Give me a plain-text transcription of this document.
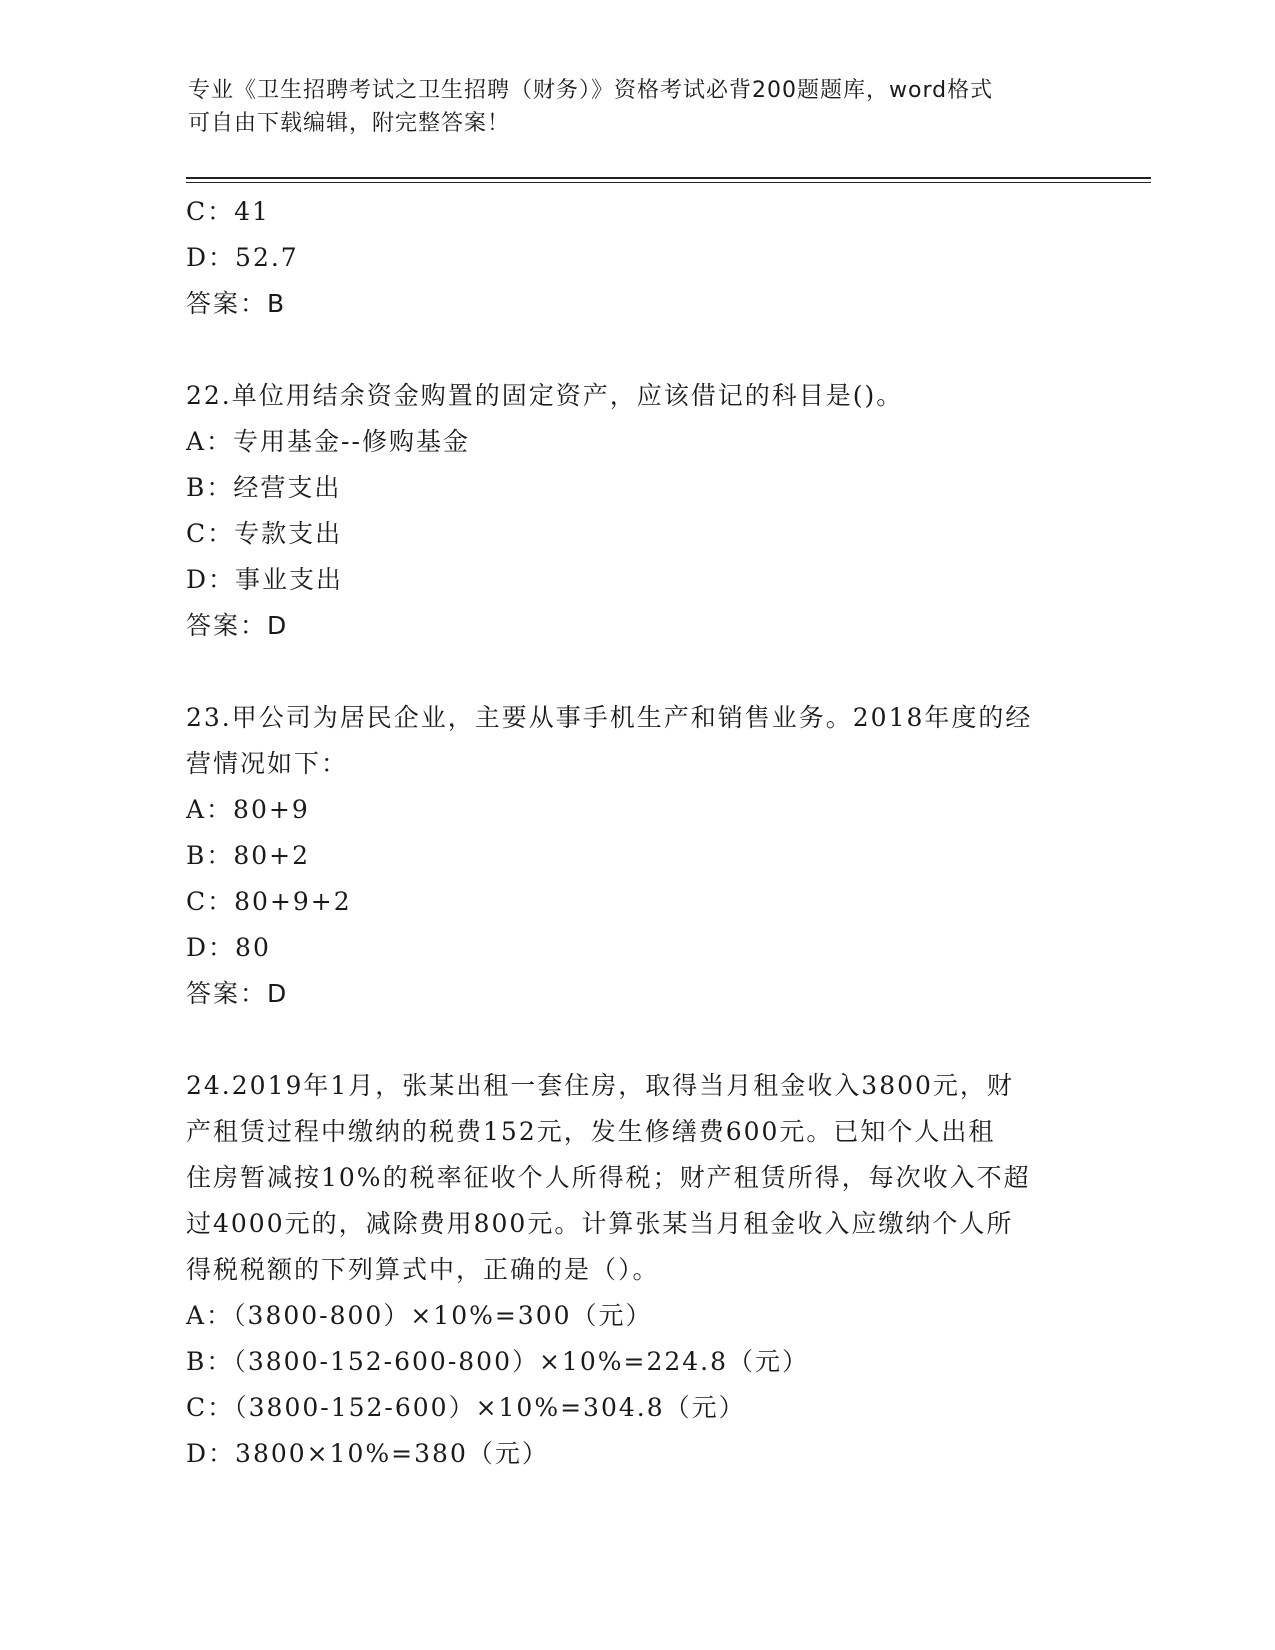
专业《卫生招聘考试之卫生招聘（财务）》资格考试必背200题题库，word格式
可自由下载编辑，附完整答案！
C：41
D：52.7
答案：B
22.单位用结余资金购置的固定资产，应该借记的科目是()。
A：专用基金--修购基金
B：经营支出
C：专款支出
D：事业支出
答案：D
23.甲公司为居民企业，主要从事手机生产和销售业务。2018年度的经
营情况如下：
A：80+9
B：80+2
C：80+9+2
D：80
答案：D
24.2019年1月，张某出租一套住房，取得当月租金收入3800元，财
产租赁过程中缴纳的税费152元，发生修缮费600元。已知个人出租
住房暂减按10%的税率征收个人所得税；财产租赁所得，每次收入不超
过4000元的，减除费用800元。计算张某当月租金收入应缴纳个人所
得税税额的下列算式中，正确的是（）。
A：（3800-800）×10%=300（元）
B：（3800-152-600-800）×10%=224.8（元）
C：（3800-152-600）×10%=304.8（元）
D：3800×10%=380（元）
